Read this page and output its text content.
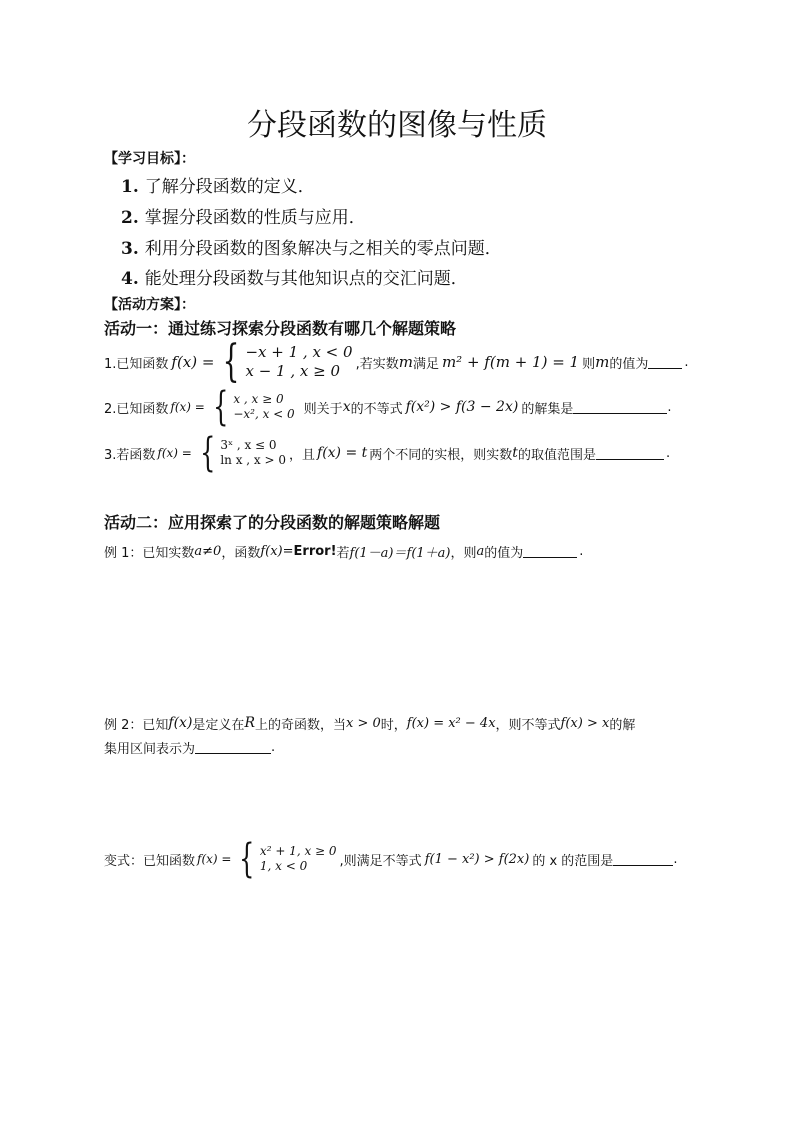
分段函数的图像与性质
【学习目标】：
1. 了解分段函数的定义．
2. 掌握分段函数的性质与应用．
3. 利用分段函数的图象解决与之相关的零点问题．
4. 能处理分段函数与其他知识点的交汇问题．
【活动方案】：
活动一：通过练习探索分段函数有哪几个解题策略
1.已知函数 f(x) = { −x + 1 , x < 0
x − 1 , x ≥ 0	,若实数 m 满足 m² + f(m + 1) = 1 则 m 的值为	.
2.已知函数 f(x) = { x , x ≥ 0
−x², x < 0 则关于 x 的不等式 f(x²) > f(3 − 2x) 的解集是	.
3.若函数 f(x) = { 3ˣ , x ≤ 0
ln x , x > 0 ，且 f(x) = t 两个不同的实根，则实数 t 的取值范围是	.
活动二：应用探索了的分段函数的解题策略解题
例 1：已知实数 a≠0 ，函数 f(x)= Error! 若 f(1－a)＝f(1＋a) ，则 a 的值为	.
例 2：已知 f(x) 是定义在 R 上的奇函数，当 x > 0 时， f(x) = x² − 4x ，则不等式 f(x) > x 的解
集用区间表示为	.
变式：已知函数 f(x) = { x² + 1, x ≥ 0
1, x < 0	,则满足不等式 f(1 − x²) > f(2x) 的 x 的范围是	.
